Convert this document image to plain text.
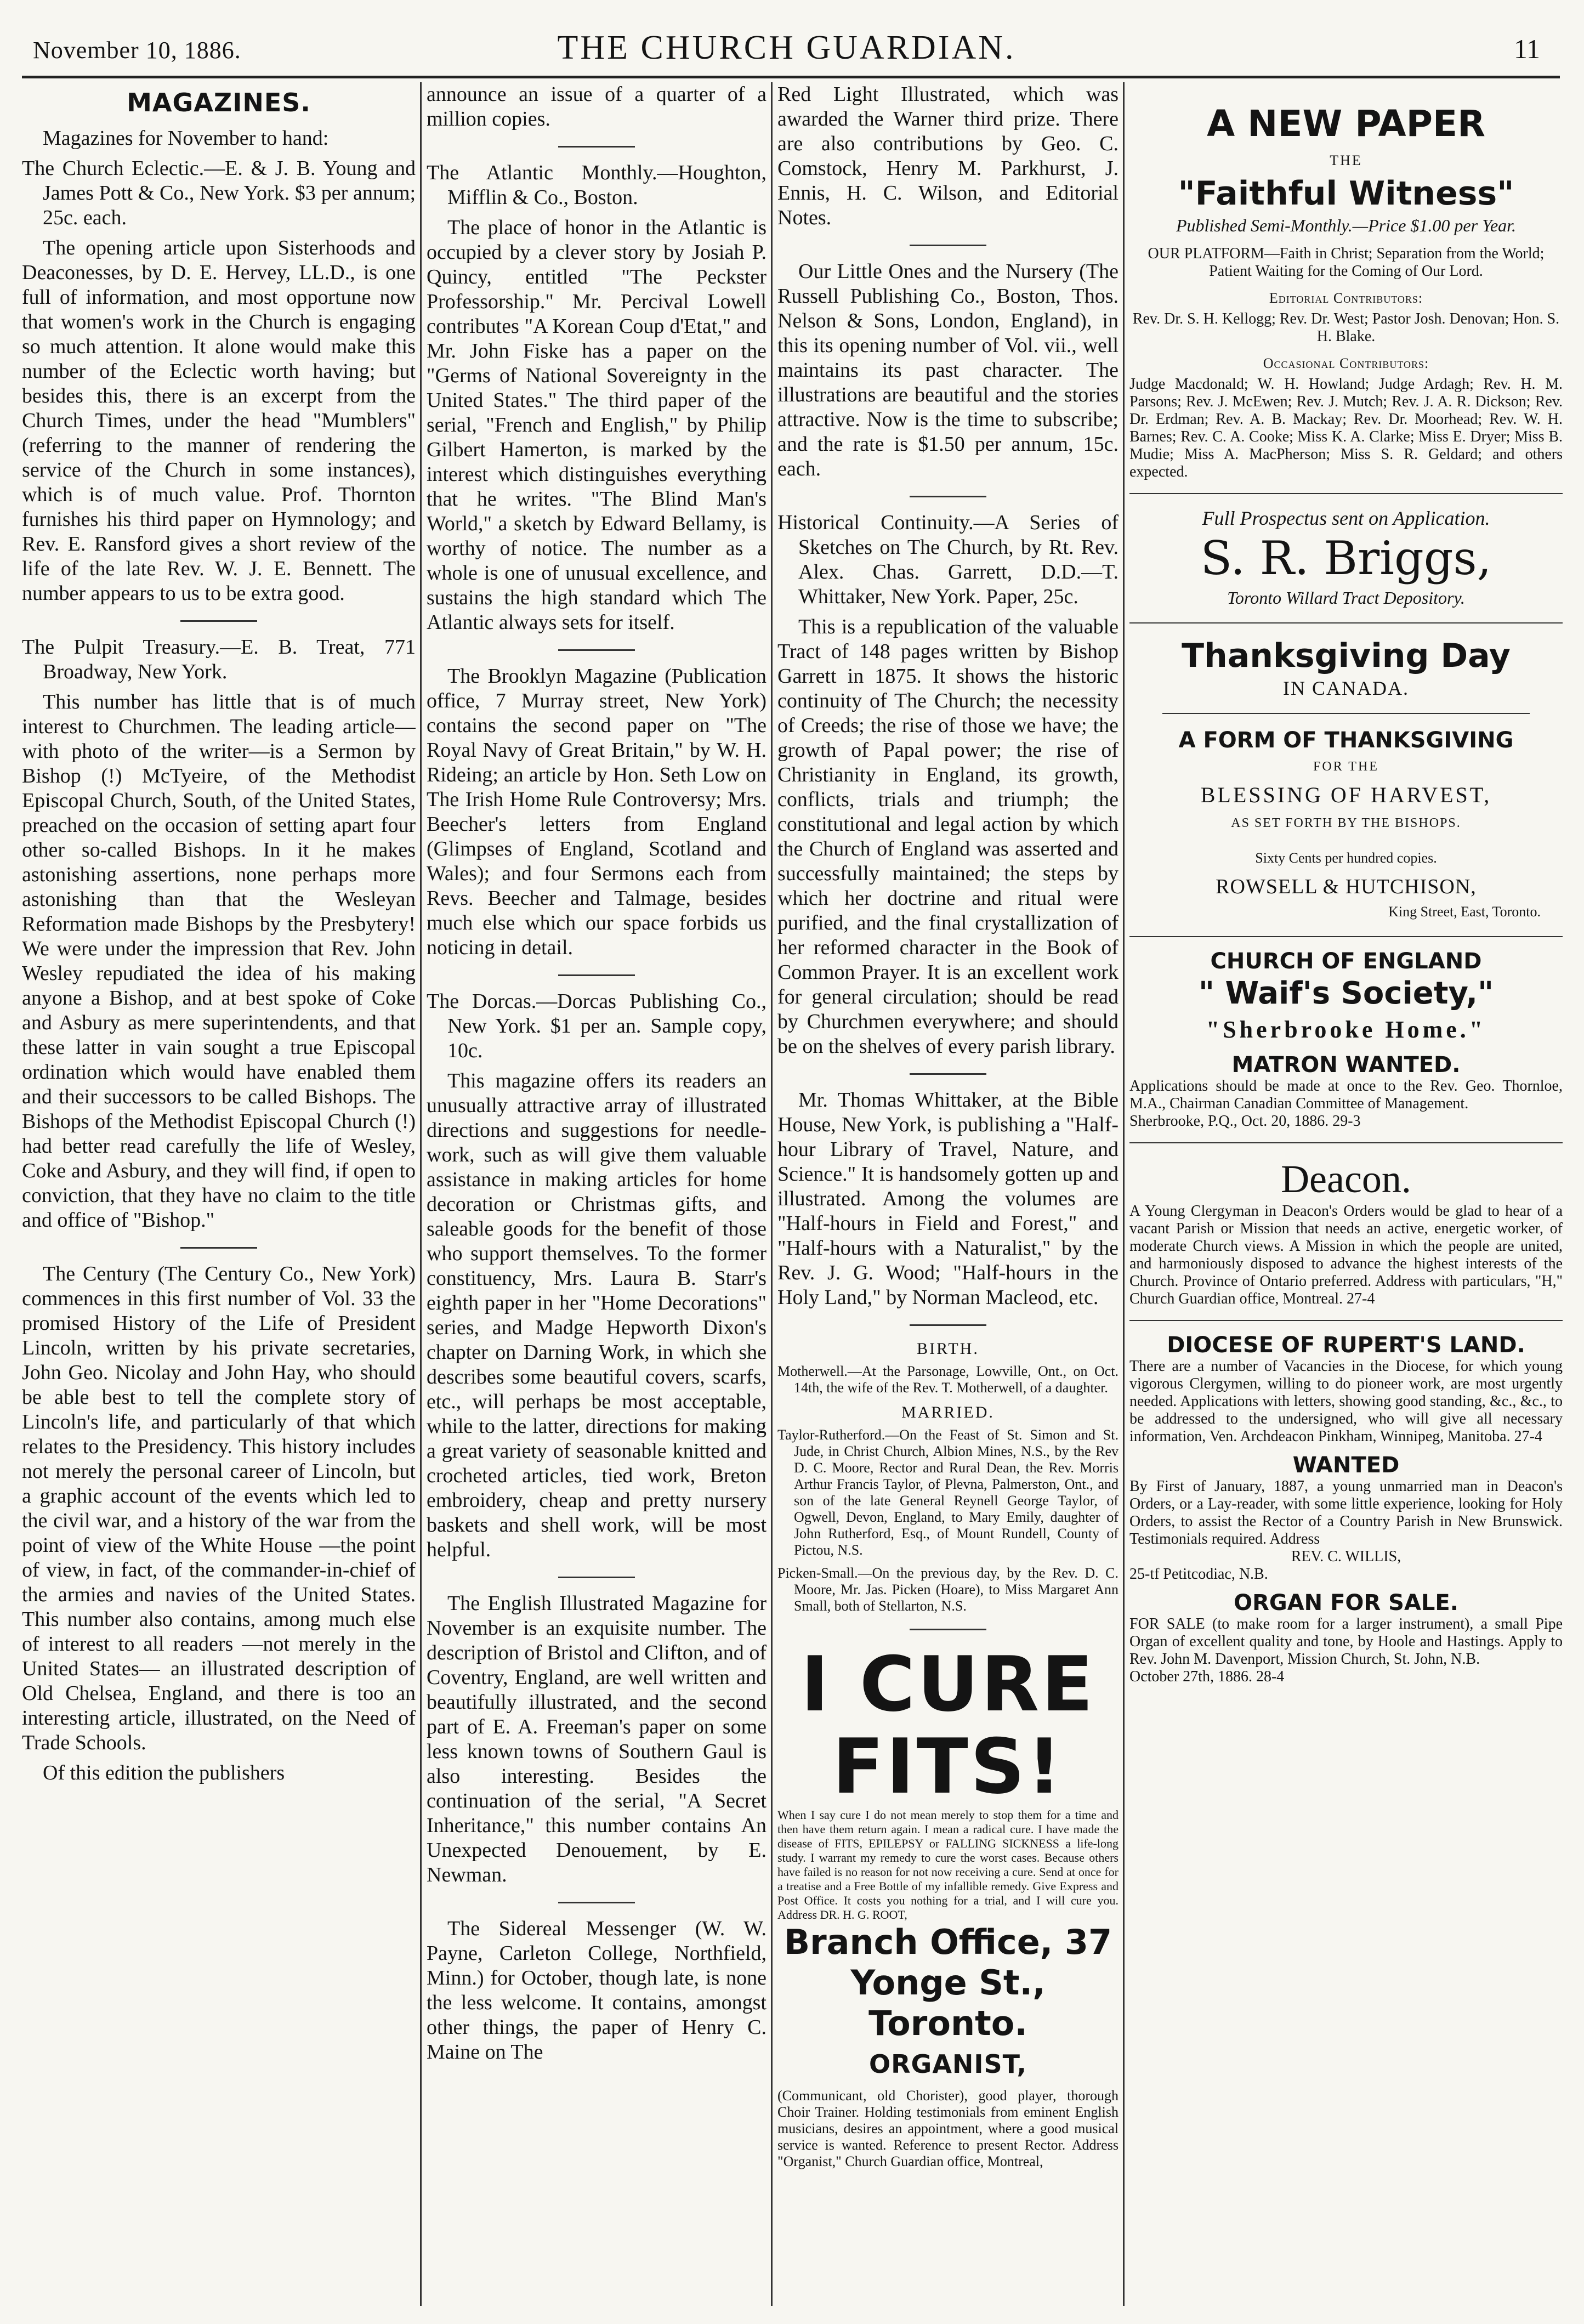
November 10, 1886.	THE CHURCH GUARDIAN.	11
MAGAZINES.

Magazines for November to hand:

The Church Eclectic.—E. & J. B. Young and James Pott & Co., New York. $3 per annum; 25c. each.

The opening article upon Sisterhoods and Deaconesses, by D. E. Hervey, LL.D., is one full of information, and most opportune now that women's work in the Church is engaging so much attention. It alone would make this number of the Eclectic worth having; but besides this, there is an excerpt from the Church Times, under the head "Mumblers" (referring to the manner of rendering the service of the Church in some instances), which is of much value. Prof. Thornton furnishes his third paper on Hymnology; and Rev. E. Ransford gives a short review of the life of the late Rev. W. J. E. Bennett. The number appears to us to be extra good.

The Pulpit Treasury.—E. B. Treat, 771 Broadway, New York.

This number has little that is of much interest to Churchmen. The leading article—with photo of the writer—is a Sermon by Bishop (!) McTyeire, of the Methodist Episcopal Church, South, of the United States, preached on the occasion of setting apart four other so-called Bishops. In it he makes astonishing assertions, none perhaps more astonishing than that the Wesleyan Reformation made Bishops by the Presbytery! We were under the impression that Rev. John Wesley repudiated the idea of his making anyone a Bishop, and at best spoke of Coke and Asbury as mere superintendents, and that these latter in vain sought a true Episcopal ordination which would have enabled them and their successors to be called Bishops. The Bishops of the Methodist Episcopal Church (!) had better read carefully the life of Wesley, Coke and Asbury, and they will find, if open to conviction, that they have no claim to the title and office of "Bishop."

The Century (The Century Co., New York) commences in this first number of Vol. 33 the promised History of the Life of President Lincoln, written by his private secretaries, John Geo. Nicolay and John Hay, who should be able best to tell the complete story of Lincoln's life, and particularly of that which relates to the Presidency. This history includes not merely the personal career of Lincoln, but a graphic account of the events which led to the civil war, and a history of the war from the point of view of the White House —the point of view, in fact, of the commander-in-chief of the armies and navies of the United States. This number also contains, among much else of interest to all readers —not merely in the United States— an illustrated description of Old Chelsea, England, and there is too an interesting article, illustrated, on the Need of Trade Schools.

Of this edition the publishers

announce an issue of a quarter of a million copies.

The Atlantic Monthly.—Houghton, Mifflin & Co., Boston.

The place of honor in the Atlantic is occupied by a clever story by Josiah P. Quincy, entitled "The Peckster Professorship." Mr. Percival Lowell contributes "A Korean Coup d'Etat," and Mr. John Fiske has a paper on the "Germs of National Sovereignty in the United States." The third paper of the serial, "French and English," by Philip Gilbert Hamerton, is marked by the interest which distinguishes everything that he writes. "The Blind Man's World," a sketch by Edward Bellamy, is worthy of notice. The number as a whole is one of unusual excellence, and sustains the high standard which The Atlantic always sets for itself.

The Brooklyn Magazine (Publication office, 7 Murray street, New York) contains the second paper on "The Royal Navy of Great Britain," by W. H. Rideing; an article by Hon. Seth Low on The Irish Home Rule Controversy; Mrs. Beecher's letters from England (Glimpses of England, Scotland and Wales); and four Sermons each from Revs. Beecher and Talmage, besides much else which our space forbids us noticing in detail.

The Dorcas.—Dorcas Publishing Co., New York. $1 per an. Sample copy, 10c.

This magazine offers its readers an unusually attractive array of illustrated directions and suggestions for needle-work, such as will give them valuable assistance in making articles for home decoration or Christmas gifts, and saleable goods for the benefit of those who support themselves. To the former constituency, Mrs. Laura B. Starr's eighth paper in her "Home Decorations" series, and Madge Hepworth Dixon's chapter on Darning Work, in which she describes some beautiful covers, scarfs, etc., will perhaps be most acceptable, while to the latter, directions for making a great variety of seasonable knitted and crocheted articles, tied work, Breton embroidery, cheap and pretty nursery baskets and shell work, will be most helpful.

The English Illustrated Magazine for November is an exquisite number. The description of Bristol and Clifton, and of Coventry, England, are well written and beautifully illustrated, and the second part of E. A. Freeman's paper on some less known towns of Southern Gaul is also interesting. Besides the continuation of the serial, "A Secret Inheritance," this number contains An Unexpected Denouement, by E. Newman.

The Sidereal Messenger (W. W. Payne, Carleton College, Northfield, Minn.) for October, though late, is none the less welcome. It contains, amongst other things, the paper of Henry C. Maine on The

Red Light Illustrated, which was awarded the Warner third prize. There are also contributions by Geo. C. Comstock, Henry M. Parkhurst, J. Ennis, H. C. Wilson, and Editorial Notes.

Our Little Ones and the Nursery (The Russell Publishing Co., Boston, Thos. Nelson & Sons, London, England), in this its opening number of Vol. vii., well maintains its past character. The illustrations are beautiful and the stories attractive. Now is the time to subscribe; and the rate is $1.50 per annum, 15c. each.

Historical Continuity.—A Series of Sketches on The Church, by Rt. Rev. Alex. Chas. Garrett, D.D.—T. Whittaker, New York. Paper, 25c.

This is a republication of the valuable Tract of 148 pages written by Bishop Garrett in 1875. It shows the historic continuity of The Church; the necessity of Creeds; the rise of those we have; the growth of Papal power; the rise of Christianity in England, its growth, conflicts, trials and triumph; the constitutional and legal action by which the Church of England was asserted and successfully maintained; the steps by which her doctrine and ritual were purified, and the final crystallization of her reformed character in the Book of Common Prayer. It is an excellent work for general circulation; should be read by Churchmen everywhere; and should be on the shelves of every parish library.

Mr. Thomas Whittaker, at the Bible House, New York, is publishing a "Half-hour Library of Travel, Nature, and Science." It is handsomely gotten up and illustrated. Among the volumes are "Half-hours in Field and Forest," and "Half-hours with a Naturalist," by the Rev. J. G. Wood; "Half-hours in the Holy Land," by Norman Macleod, etc.

BIRTH.

Motherwell.—At the Parsonage, Lowville, Ont., on Oct. 14th, the wife of the Rev. T. Motherwell, of a daughter.

MARRIED.

Taylor-Rutherford.—On the Feast of St. Simon and St. Jude, in Christ Church, Albion Mines, N.S., by the Rev D. C. Moore, Rector and Rural Dean, the Rev. Morris Arthur Francis Taylor, of Plevna, Palmerston, Ont., and son of the late General Reynell George Taylor, of Ogwell, Devon, England, to Mary Emily, daughter of John Rutherford, Esq., of Mount Rundell, County of Pictou, N.S.

Picken-Small.—On the previous day, by the Rev. D. C. Moore, Mr. Jas. Picken (Hoare), to Miss Margaret Ann Small, both of Stellarton, N.S.

I CURE FITS!
When I say cure I do not mean merely to stop them for a time and then have them return again. I mean a radical cure. I have made the disease of FITS, EPILEPSY or FALLING SICKNESS a life-long study. I warrant my remedy to cure the worst cases. Because others have failed is no reason for not now receiving a cure. Send at once for a treatise and a Free Bottle of my infallible remedy. Give Express and Post Office. It costs you nothing for a trial, and I will cure you. Address DR. H. G. ROOT,
Branch Office, 37 Yonge St., Toronto.
ORGANIST,
(Communicant, old Chorister), good player, thorough Choir Trainer. Holding testimonials from eminent English musicians, desires an appointment, where a good musical service is wanted. Reference to present Rector. Address "Organist," Church Guardian office, Montreal,
A NEW PAPER
THE
"Faithful Witness"
Published Semi-Monthly.—Price $1.00 per Year.
OUR PLATFORM—Faith in Christ; Separation from the World; Patient Waiting for the Coming of Our Lord.
Editorial Contributors:
Rev. Dr. S. H. Kellogg; Rev. Dr. West; Pastor Josh. Denovan; Hon. S. H. Blake.
Occasional Contributors:
Judge Macdonald; W. H. Howland; Judge Ardagh; Rev. H. M. Parsons; Rev. J. McEwen; Rev. J. Mutch; Rev. J. A. R. Dickson; Rev. Dr. Erdman; Rev. A. B. Mackay; Rev. Dr. Moorhead; Rev. W. H. Barnes; Rev. C. A. Cooke; Miss K. A. Clarke; Miss E. Dryer; Miss B. Mudie; Miss A. MacPherson; Miss S. R. Geldard; and others expected.
Full Prospectus sent on Application.
S. R. Briggs,
Toronto Willard Tract Depository.
Thanksgiving Day
IN CANADA.
A FORM OF THANKSGIVING
FOR THE
BLESSING OF HARVEST,
AS SET FORTH BY THE BISHOPS.
Sixty Cents per hundred copies.
ROWSELL & HUTCHISON,
King Street, East, Toronto.
CHURCH OF ENGLAND
" Waif's Society,"
"Sherbrooke Home."
MATRON WANTED.
Applications should be made at once to the Rev. Geo. Thornloe, M.A., Chairman Canadian Committee of Management.
Sherbrooke, P.Q., Oct. 20, 1886. 29-3
Deacon.
A Young Clergyman in Deacon's Orders would be glad to hear of a vacant Parish or Mission that needs an active, energetic worker, of moderate Church views. A Mission in which the people are united, and harmoniously disposed to advance the highest interests of the Church. Province of Ontario preferred. Address with particulars, "H," Church Guardian office, Montreal. 27-4
DIOCESE OF RUPERT'S LAND.
There are a number of Vacancies in the Diocese, for which young vigorous Clergymen, willing to do pioneer work, are most urgently needed. Applications with letters, showing good standing, &c., &c., to be addressed to the undersigned, who will give all necessary information, Ven. Archdeacon Pinkham, Winnipeg, Manitoba. 27-4
WANTED
By First of January, 1887, a young unmarried man in Deacon's Orders, or a Lay-reader, with some little experience, looking for Holy Orders, to assist the Rector of a Country Parish in New Brunswick. Testimonials required. Address
REV. C. WILLIS,
25-tf Petitcodiac, N.B.
ORGAN FOR SALE.
FOR SALE (to make room for a larger instrument), a small Pipe Organ of excellent quality and tone, by Hoole and Hastings. Apply to Rev. John M. Davenport, Mission Church, St. John, N.B.
October 27th, 1886. 28-4
